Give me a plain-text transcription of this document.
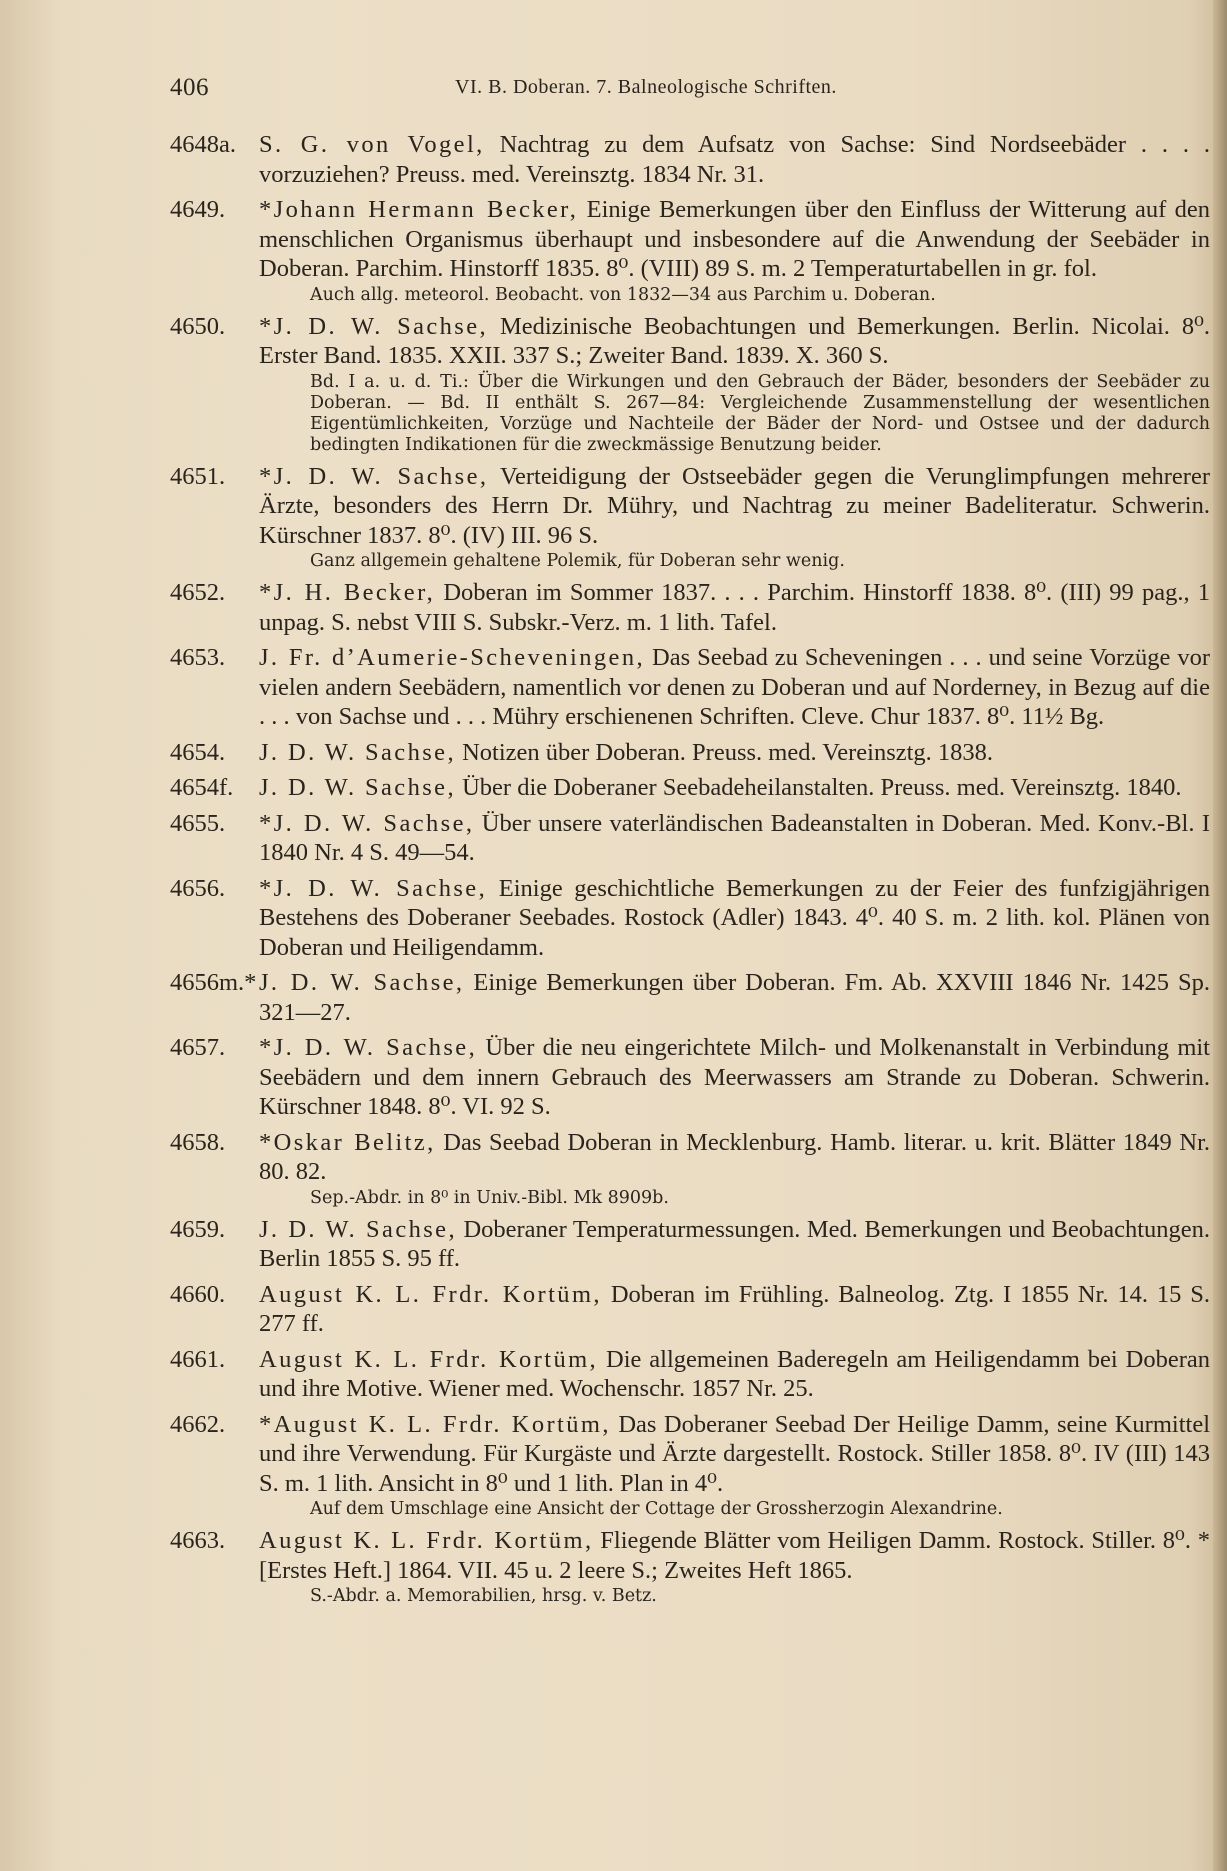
406	VI. B. Doberan. 7. Balneologische Schriften.
4648a. S. G. von Vogel, Nachtrag zu dem Aufsatz von Sachse: Sind Nordseebäder . . . . vorzuziehen? Preuss. med. Vereinsztg. 1834 Nr. 31.
4649.	*Johann Hermann Becker, Einige Bemerkungen über den Einfluss der Witterung auf den menschlichen Organismus überhaupt und insbesondere auf die Anwendung der Seebäder in Doberan. Parchim. Hinstorff 1835. 8⁰. (VIII) 89 S. m. 2 Temperaturtabellen in gr. fol.
Auch allg. meteorol. Beobacht. von 1832—34 aus Parchim u. Doberan.
4650.	*J. D. W. Sachse, Medizinische Beobachtungen und Bemerkungen. Berlin. Nicolai. 8⁰. Erster Band. 1835. XXII. 337 S.; Zweiter Band. 1839. X. 360 S.
Bd. I a. u. d. Ti.: Über die Wirkungen und den Gebrauch der Bäder, besonders der Seebäder zu Doberan. — Bd. II enthält S. 267—84: Vergleichende Zusammenstellung der wesentlichen Eigentümlichkeiten, Vorzüge und Nachteile der Bäder der Nord- und Ostsee und der dadurch bedingten Indikationen für die zweckmässige Benutzung beider.
4651.	*J. D. W. Sachse, Verteidigung der Ostseebäder gegen die Verunglimpfungen mehrerer Ärzte, besonders des Herrn Dr. Mühry, und Nachtrag zu meiner Badeliteratur. Schwerin. Kürschner 1837. 8⁰. (IV) III. 96 S.
Ganz allgemein gehaltene Polemik, für Doberan sehr wenig.
4652.	*J. H. Becker, Doberan im Sommer 1837. . . . Parchim. Hinstorff 1838. 8⁰. (III) 99 pag., 1 unpag. S. nebst VIII S. Subskr.-Verz. m. 1 lith. Tafel.
4653.	J. Fr. d’Aumerie-Scheveningen, Das Seebad zu Scheveningen . . . und seine Vorzüge vor vielen andern Seebädern, namentlich vor denen zu Doberan und auf Norderney, in Bezug auf die . . . von Sachse und . . . Mühry erschienenen Schriften. Cleve. Chur 1837. 8⁰. 11½ Bg.
4654.	J. D. W. Sachse, Notizen über Doberan. Preuss. med. Vereinsztg. 1838.
4654f.	J. D. W. Sachse, Über die Doberaner Seebadeheilanstalten. Preuss. med. Vereinsztg. 1840.
4655.	*J. D. W. Sachse, Über unsere vaterländischen Badeanstalten in Doberan. Med. Konv.-Bl. I 1840 Nr. 4 S. 49—54.
4656.	*J. D. W. Sachse, Einige geschichtliche Bemerkungen zu der Feier des funfzigjährigen Bestehens des Doberaner Seebades. Rostock (Adler) 1843. 4⁰. 40 S. m. 2 lith. kol. Plänen von Doberan und Heiligendamm.
4656m.* J. D. W. Sachse, Einige Bemerkungen über Doberan. Fm. Ab. XXVIII 1846 Nr. 1425 Sp. 321—27.
4657.	*J. D. W. Sachse, Über die neu eingerichtete Milch- und Molkenanstalt in Verbindung mit Seebädern und dem innern Gebrauch des Meerwassers am Strande zu Doberan. Schwerin. Kürschner 1848. 8⁰. VI. 92 S.
4658.	*Oskar Belitz, Das Seebad Doberan in Mecklenburg. Hamb. literar. u. krit. Blätter 1849 Nr. 80. 82.
Sep.-Abdr. in 8⁰ in Univ.-Bibl. Mk 8909b.
4659.	J. D. W. Sachse, Doberaner Temperaturmessungen. Med. Bemerkungen und Beobachtungen. Berlin 1855 S. 95 ff.
4660.	August K. L. Frdr. Kortüm, Doberan im Frühling. Balneolog. Ztg. I 1855 Nr. 14. 15 S. 277 ff.
4661.	August K. L. Frdr. Kortüm, Die allgemeinen Baderegeln am Heiligendamm bei Doberan und ihre Motive. Wiener med. Wochenschr. 1857 Nr. 25.
4662.	*August K. L. Frdr. Kortüm, Das Doberaner Seebad Der Heilige Damm, seine Kurmittel und ihre Verwendung. Für Kurgäste und Ärzte dargestellt. Rostock. Stiller 1858. 8⁰. IV (III) 143 S. m. 1 lith. Ansicht in 8⁰ und 1 lith. Plan in 4⁰.
Auf dem Umschlage eine Ansicht der Cottage der Grossherzogin Alexandrine.
4663.	August K. L. Frdr. Kortüm, Fliegende Blätter vom Heiligen Damm. Rostock. Stiller. 8⁰. *[Erstes Heft.] 1864. VII. 45 u. 2 leere S.; Zweites Heft 1865.
S.-Abdr. a. Memorabilien, hrsg. v. Betz.
